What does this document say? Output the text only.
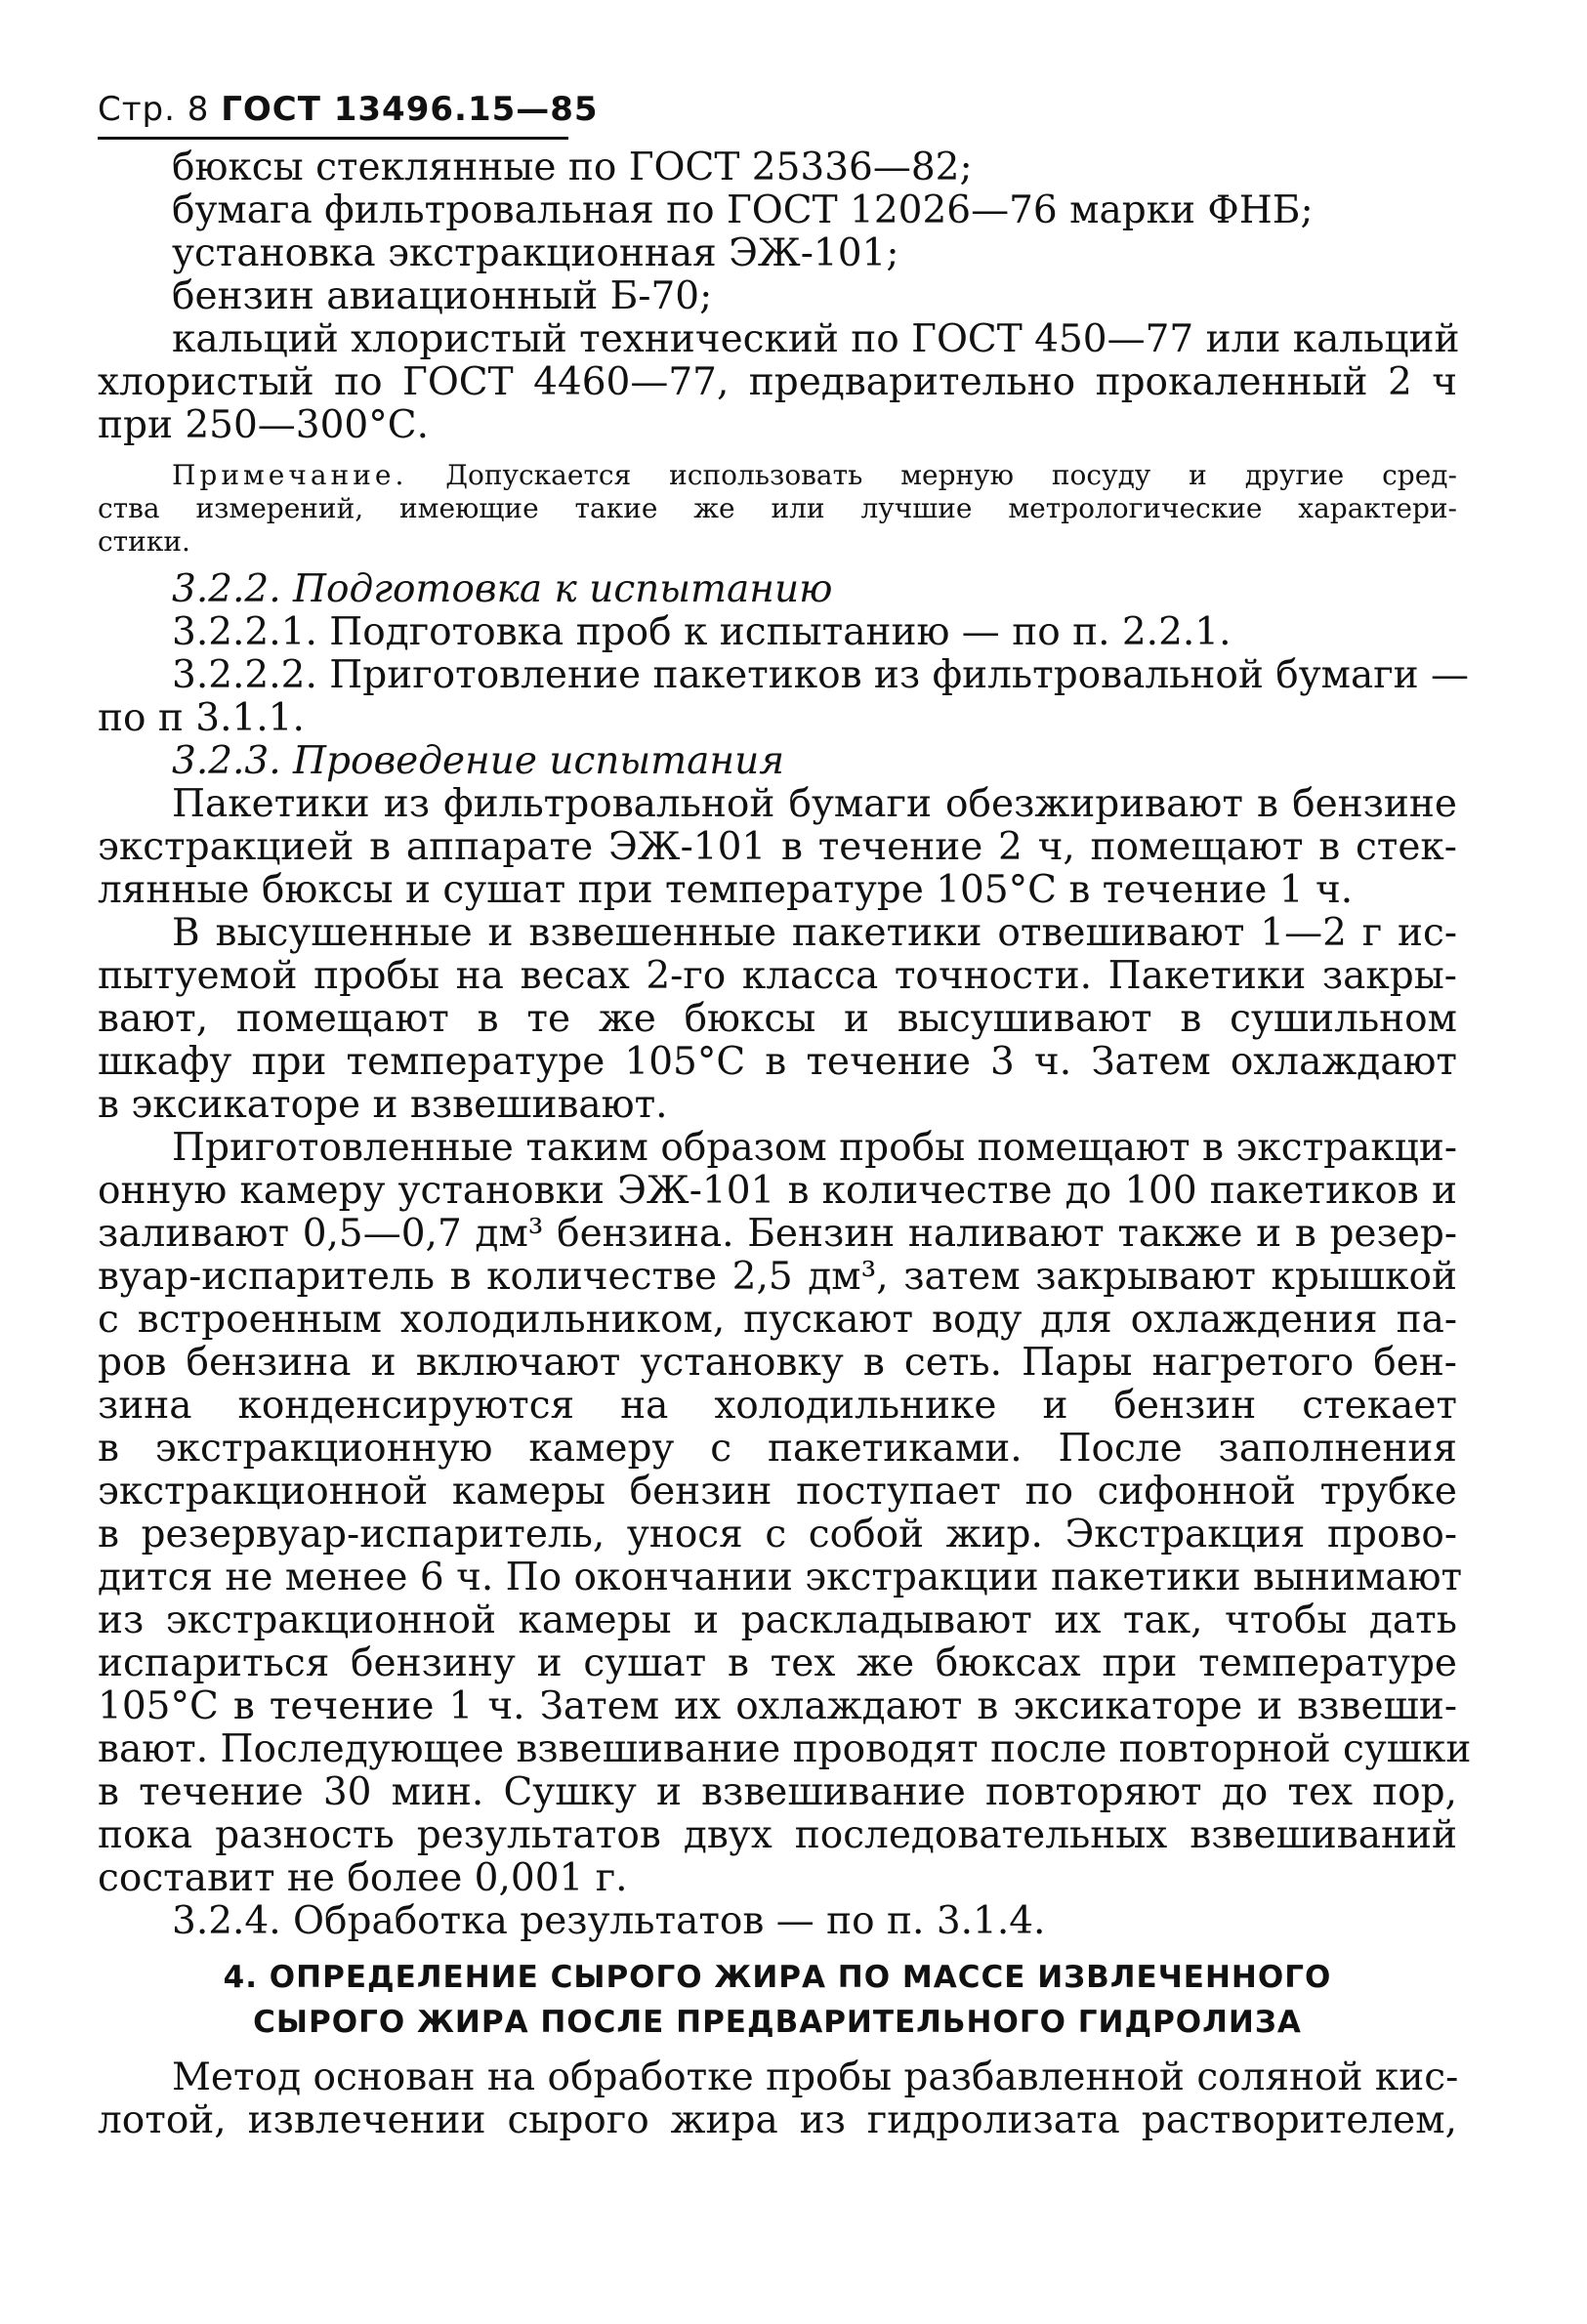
Стр. 8 ГОСТ 13496.15—85
бюксы стеклянные по ГОСТ 25336—82;
бумага фильтровальная по ГОСТ 12026—76 марки ФНБ;
установка экстракционная ЭЖ-101;
бензин авиационный Б-70;
кальций хлористый технический по ГОСТ 450—77 или кальций
хлористый по ГОСТ 4460—77, предварительно прокаленный 2 ч
при 250—300°С.
Примечание. Допускается использовать мерную посуду и другие сред-
ства измерений, имеющие такие же или лучшие метрологические характери-
стики.
3.2.2. Подготовка к испытанию
3.2.2.1. Подготовка проб к испытанию — по п. 2.2.1.
3.2.2.2. Приготовление пакетиков из фильтровальной бумаги —
по п 3.1.1.
3.2.3. Проведение испытания
Пакетики из фильтровальной бумаги обезжиривают в бензине
экстракцией в аппарате ЭЖ-101 в течение 2 ч, помещают в стек-
лянные бюксы и сушат при температуре 105°С в течение 1 ч.
В высушенные и взвешенные пакетики отвешивают 1—2 г ис-
пытуемой пробы на весах 2-го класса точности. Пакетики закры-
вают, помещают в те же бюксы и высушивают в сушильном
шкафу при температуре 105°С в течение 3 ч. Затем охлаждают
в эксикаторе и взвешивают.
Приготовленные таким образом пробы помещают в экстракци-
онную камеру установки ЭЖ-101 в количестве до 100 пакетиков и
заливают 0,5—0,7 дм³ бензина. Бензин наливают также и в резер-
вуар-испаритель в количестве 2,5 дм³, затем закрывают крышкой
с встроенным холодильником, пускают воду для охлаждения па-
ров бензина и включают установку в сеть. Пары нагретого бен-
зина конденсируются на холодильнике и бензин стекает
в экстракционную камеру с пакетиками. После заполнения
экстракционной камеры бензин поступает по сифонной трубке
в резервуар-испаритель, унося с собой жир. Экстракция прово-
дится не менее 6 ч. По окончании экстракции пакетики вынимают
из экстракционной камеры и раскладывают их так, чтобы дать
испариться бензину и сушат в тех же бюксах при температуре
105°С в течение 1 ч. Затем их охлаждают в эксикаторе и взвеши-
вают. Последующее взвешивание проводят после повторной сушки
в течение 30 мин. Сушку и взвешивание повторяют до тех пор,
пока разность результатов двух последовательных взвешиваний
составит не более 0,001 г.
3.2.4. Обработка результатов — по п. 3.1.4.
4. ОПРЕДЕЛЕНИЕ СЫРОГО ЖИРА ПО МАССЕ ИЗВЛЕЧЕННОГО
СЫРОГО ЖИРА ПОСЛЕ ПРЕДВАРИТЕЛЬНОГО ГИДРОЛИЗА
Метод основан на обработке пробы разбавленной соляной кис-
лотой, извлечении сырого жира из гидролизата растворителем,
